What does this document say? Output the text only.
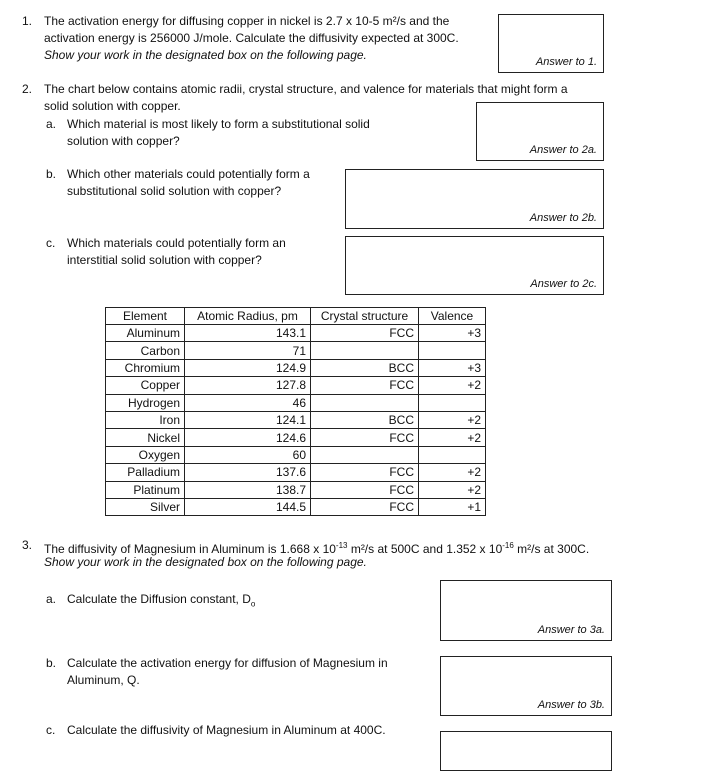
1. The activation energy for diffusing copper in nickel is 2.7 x 10-5 m²/s and the
activation energy is 256000 J/mole. Calculate the diffusivity expected at 300C.
Show your work in the designated box on the following page.	Answer to 1.
2. The chart below contains atomic radii, crystal structure, and valence for materials that might form a
solid solution with copper.
a. Which material is most likely to form a substitutional solid
solution with copper?
Answer to 2a.
b. Which other materials could potentially form a
substitutional solid solution with copper?
Answer to 2b.
c. Which materials could potentially form an
interstitial solid solution with copper?
Answer to 2c.
Element	Atomic Radius, pm	Crystal structure	Valence
Aluminum	143.1	FCC	+3
Carbon	71		
Chromium	124.9	BCC	+3
Copper	127.8	FCC	+2
Hydrogen	46		
Iron	124.1	BCC	+2
Nickel	124.6	FCC	+2
Oxygen	60		
Palladium	137.6	FCC	+2
Platinum	138.7	FCC	+2
Silver	144.5	FCC	+1
3. The diffusivity of Magnesium in Aluminum is 1.668 x $10^{-13}$ m²/s at 500C and 1.352 x $10^{-16}$ m²/s at 300C.
Show your work in the designated box on the following page.
a. Calculate the Diffusion constant, $D_o$
Answer to 3a.
b. Calculate the activation energy for diffusion of Magnesium in
Aluminum, Q.
Answer to 3b.
c. Calculate the diffusivity of Magnesium in Aluminum at 400C.
